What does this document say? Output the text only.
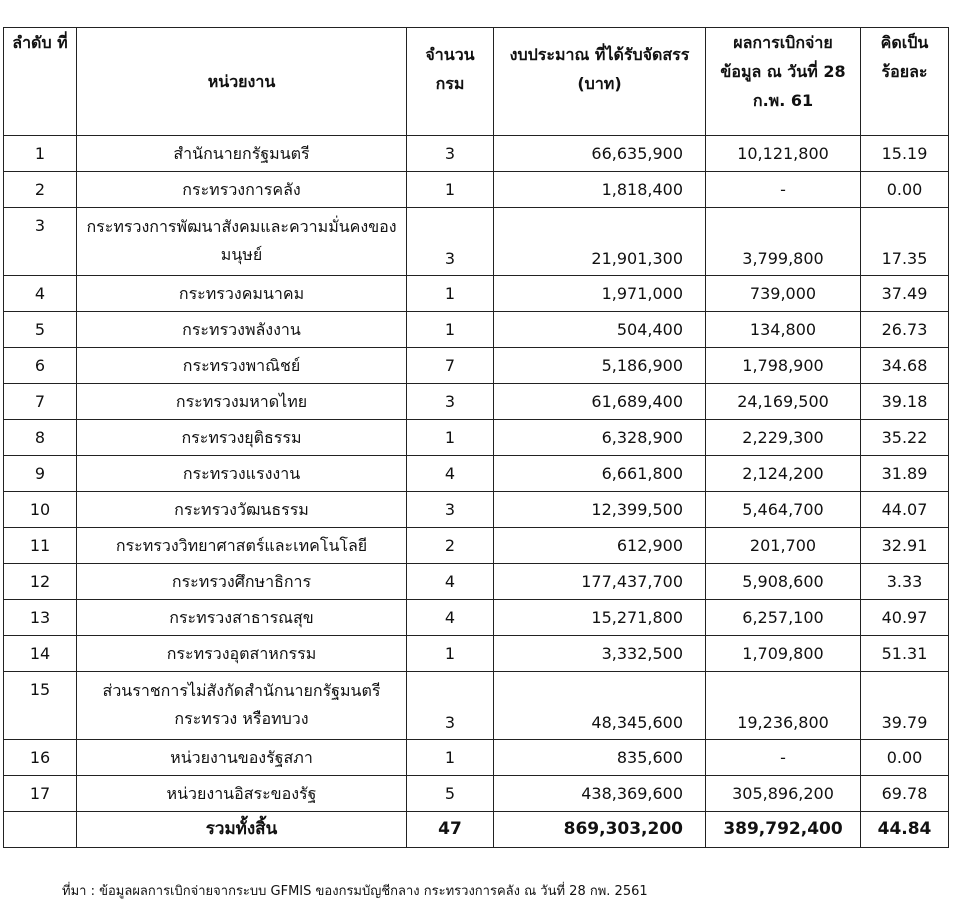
ลำดับ ที่	หน่วยงาน	จำนวน กรม	งบประมาณ ที่ได้รับจัดสรร (บาท)	ผลการเบิกจ่าย ข้อมูล ณ วันที่ 28 ก.พ. 61	คิดเป็น ร้อยละ
1	สำนักนายกรัฐมนตรี	3	66,635,900	10,121,800	15.19
2	กระทรวงการคลัง	1	1,818,400	-	0.00
3	กระทรวงการพัฒนาสังคมและความมั่นคงของมนุษย์	3	21,901,300	3,799,800	17.35
4	กระทรวงคมนาคม	1	1,971,000	739,000	37.49
5	กระทรวงพลังงาน	1	504,400	134,800	26.73
6	กระทรวงพาณิชย์	7	5,186,900	1,798,900	34.68
7	กระทรวงมหาดไทย	3	61,689,400	24,169,500	39.18
8	กระทรวงยุติธรรม	1	6,328,900	2,229,300	35.22
9	กระทรวงแรงงาน	4	6,661,800	2,124,200	31.89
10	กระทรวงวัฒนธรรม	3	12,399,500	5,464,700	44.07
11	กระทรวงวิทยาศาสตร์และเทคโนโลยี	2	612,900	201,700	32.91
12	กระทรวงศึกษาธิการ	4	177,437,700	5,908,600	3.33
13	กระทรวงสาธารณสุข	4	15,271,800	6,257,100	40.97
14	กระทรวงอุตสาหกรรม	1	3,332,500	1,709,800	51.31
15	ส่วนราชการไม่สังกัดสำนักนายกรัฐมนตรี กระทรวง หรือทบวง	3	48,345,600	19,236,800	39.79
16	หน่วยงานของรัฐสภา	1	835,600	-	0.00
17	หน่วยงานอิสระของรัฐ	5	438,369,600	305,896,200	69.78
	รวมทั้งสิ้น	47	869,303,200	389,792,400	44.84
ที่มา : ข้อมูลผลการเบิกจ่ายจากระบบ GFMIS ของกรมบัญชีกลาง กระทรวงการคลัง ณ วันที่ 28 กพ. 2561
